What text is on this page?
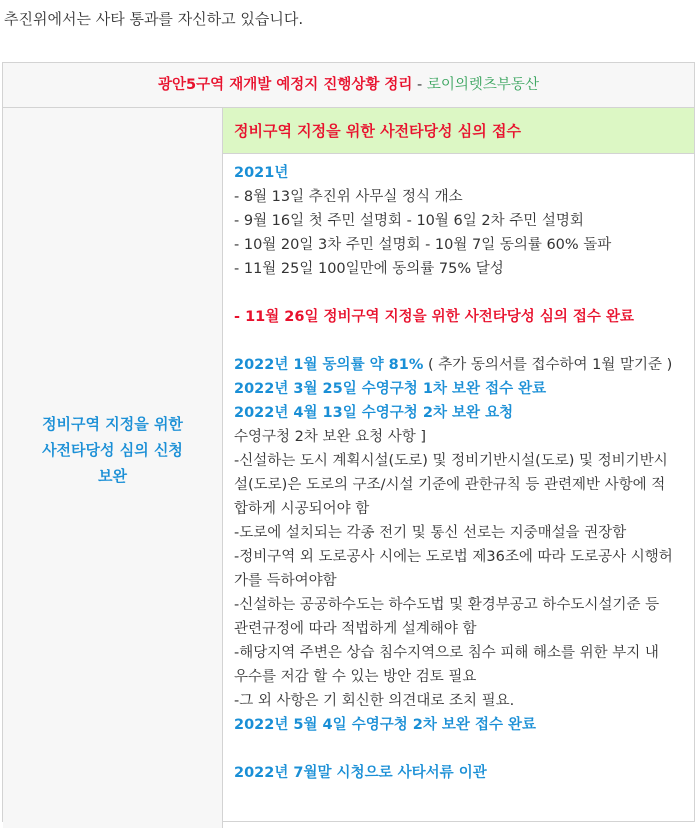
추진위에서는 사타 통과를 자신하고 있습니다.
광안5구역 재개발 예정지 진행상황 정리 - 로이의렛츠부동산
정비구역 지정을 위한
사전타당성 심의 신청
보완
정비구역 지정을 위한 사전타당성 심의 접수
2021년
- 8월 13일 추진위 사무실 정식 개소
- 9월 16일 첫 주민 설명회 - 10월 6일 2차 주민 설명회
- 10월 20일 3차 주민 설명회 - 10월 7일 동의률 60% 돌파
- 11월 25일 100일만에 동의률 75% 달성
- 11월 26일 정비구역 지정을 위한 사전타당성 심의 접수 완료
2022년 1월 동의률 약 81% ( 추가 동의서를 접수하여 1월 말기준 )
2022년 3월 25일 수영구청 1차 보완 접수 완료
2022년 4월 13일 수영구청 2차 보완 요청
수영구청 2차 보완 요청 사항 ]
-신설하는 도시 계획시설(도로) 및 정비기반시설(도로) 및 정비기반시
설(도로)은 도로의 구조/시설 기준에 관한규칙 등 관련제반 사항에 적
합하게 시공되어야 함
-도로에 설치되는 각종 전기 및 통신 선로는 지중매설을 권장함
-정비구역 외 도로공사 시에는 도로법 제36조에 따라 도로공사 시행허
가를 득하여야함
-신설하는 공공하수도는 하수도법 및 환경부공고 하수도시설기준 등
관련규정에 따라 적법하게 설계해야 함
-해당지역 주변은 상습 침수지역으로 침수 피해 해소를 위한 부지 내
우수를 저감 할 수 있는 방안 검토 필요
-그 외 사항은 기 회신한 의견대로 조치 필요.
2022년 5월 4일 수영구청 2차 보완 접수 완료
2022년 7월말 시청으로 사타서류 이관
